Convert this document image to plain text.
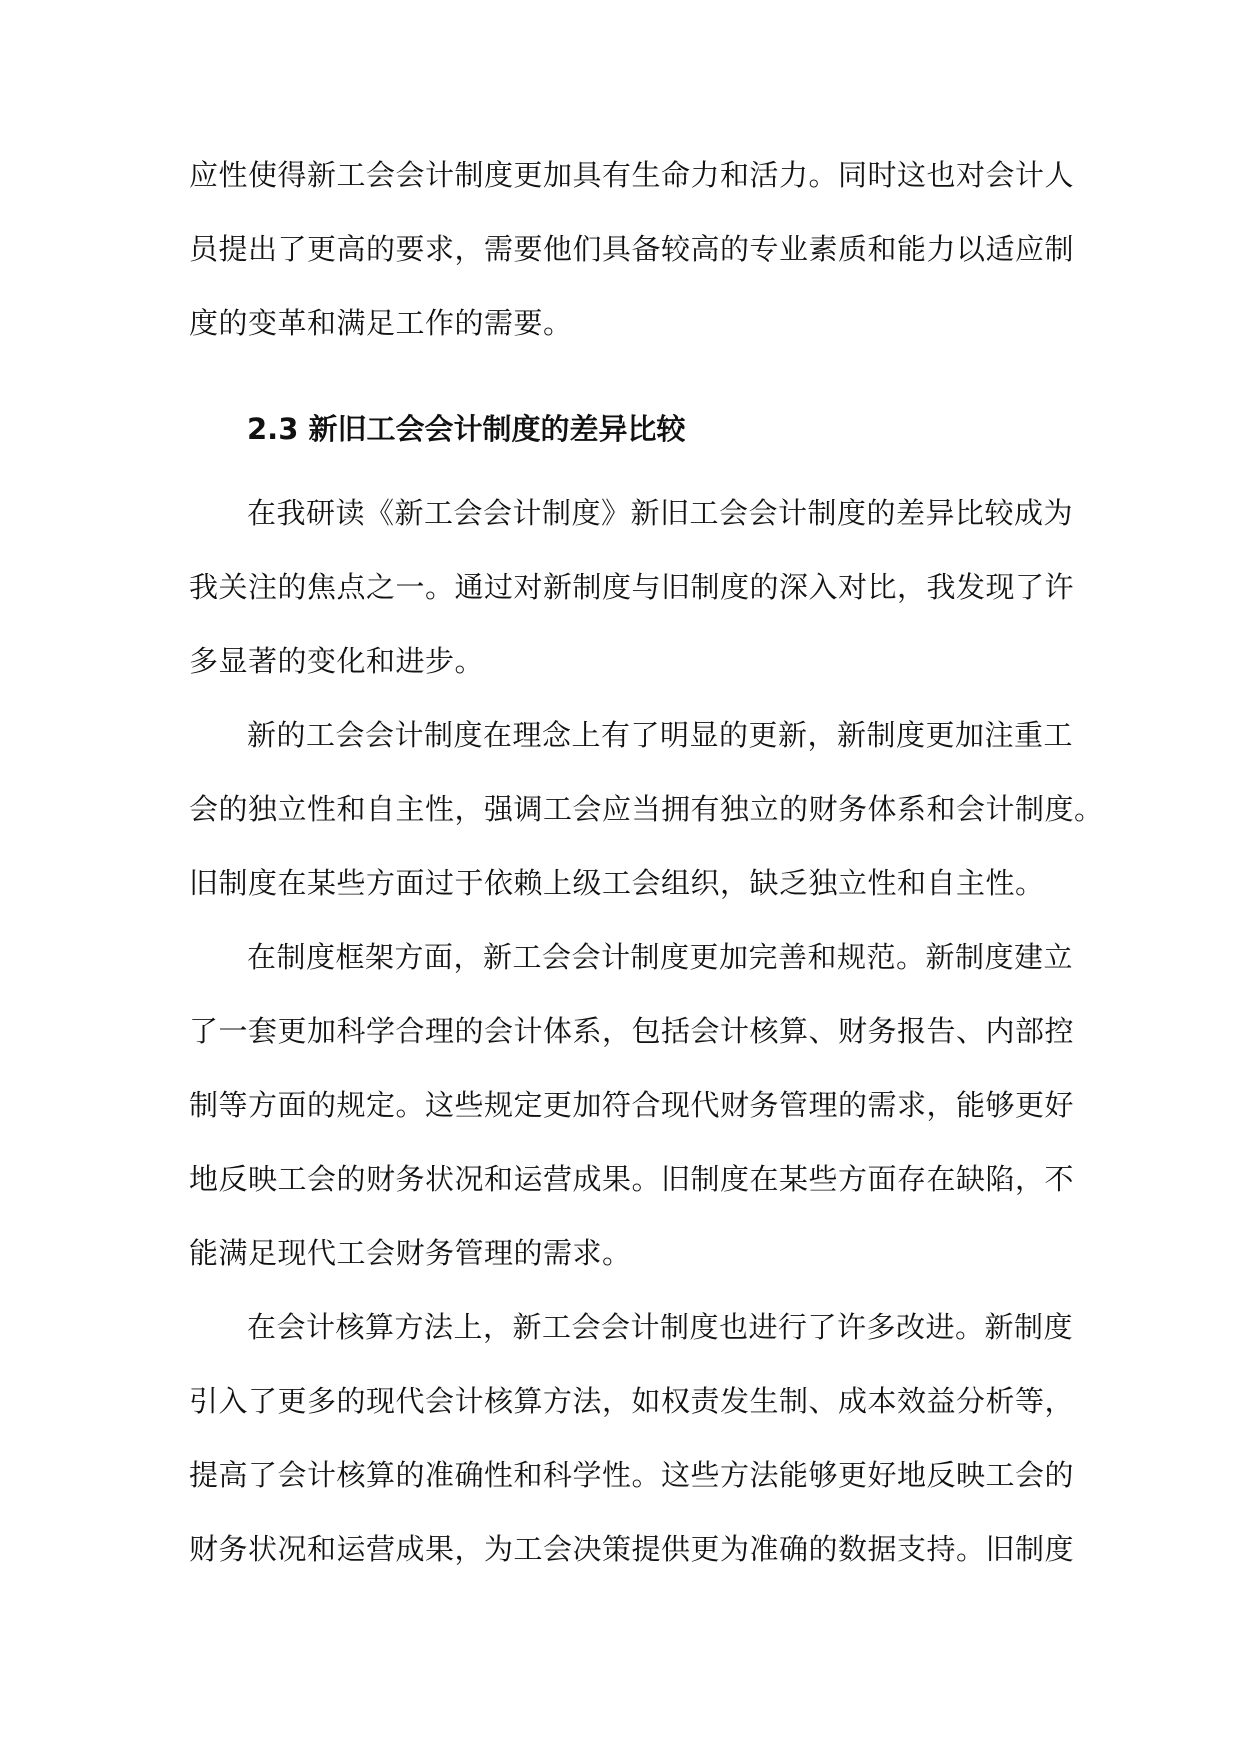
应性使得新工会会计制度更加具有生命力和活力。同时这也对会计人
员提出了更高的要求，需要他们具备较高的专业素质和能力以适应制
度的变革和满足工作的需要。
2.3 新旧工会会计制度的差异比较
在我研读《新工会会计制度》新旧工会会计制度的差异比较成为
我关注的焦点之一。通过对新制度与旧制度的深入对比，我发现了许
多显著的变化和进步。
新的工会会计制度在理念上有了明显的更新，新制度更加注重工
会的独立性和自主性，强调工会应当拥有独立的财务体系和会计制度。
旧制度在某些方面过于依赖上级工会组织，缺乏独立性和自主性。
在制度框架方面，新工会会计制度更加完善和规范。新制度建立
了一套更加科学合理的会计体系，包括会计核算、财务报告、内部控
制等方面的规定。这些规定更加符合现代财务管理的需求，能够更好
地反映工会的财务状况和运营成果。旧制度在某些方面存在缺陷，不
能满足现代工会财务管理的需求。
在会计核算方法上，新工会会计制度也进行了许多改进。新制度
引入了更多的现代会计核算方法，如权责发生制、成本效益分析等，
提高了会计核算的准确性和科学性。这些方法能够更好地反映工会的
财务状况和运营成果，为工会决策提供更为准确的数据支持。旧制度
